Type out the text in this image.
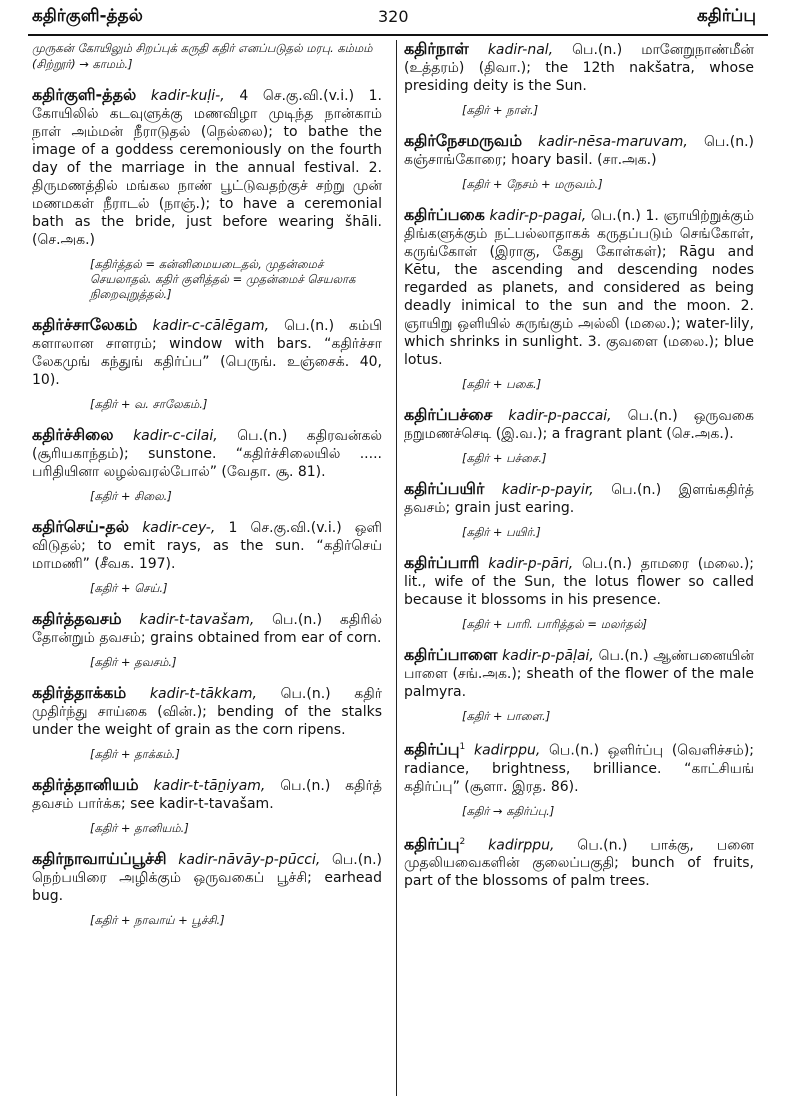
கதிர்குளி-த்தல்	320	கதிர்ப்பு
முருகன் கோயிலும் சிறப்புக் கருதி கதிர் எனப்படுதல் மரபு. கம்மம் (சிற்றூர்) → காமம்.]
கதிர்குளி-த்தல் kadir-kuḷi-, 4 செ.கு.வி.(v.i.) 1. கோயிலில் கடவுளுக்கு மணவிழா முடிந்த நான்காம் நாள் அம்மன் நீராடுதல் (நெல்லை); to bathe the image of a goddess ceremoniously on the fourth day of the marriage in the annual festival. 2. திருமணத்தில் மங்கல நாண் பூட்டுவதற்குச் சற்று முன் மணமகள் நீராடல் (நாஞ்.); to have a ceremonial bath as the bride, just before wearing šhāli. (செ.அக.)
[கதிர்த்தல் = கன்னிமையடைதல், முதன்மைச் செயலாதல். கதிர் குளித்தல் = முதன்மைச் செயலாக நிறைவுறுத்தல்.]
கதிர்ச்சாலேகம் kadir-c-cālēgam, பெ.(n.) கம்பி களாலான சாளரம்; window with bars. “கதிர்ச்சா லேகமுங் கந்துங் கதிர்ப்ப” (பெருங். உஞ்சைக். 40, 10).
[கதிர் + வ. சாலேகம்.]
கதிர்ச்சிலை kadir-c-cilai, பெ.(n.) கதிரவன்கல் (சூரியகாந்தம்); sunstone. “கதிர்ச்சிலையில் ..... பரிதியினா லழல்வரல்போல்” (வேதா. சூ. 81).
[கதிர் + சிலை.]
கதிர்செய்-தல் kadir-cey-, 1 செ.கு.வி.(v.i.) ஒளி விடுதல்; to emit rays, as the sun. “கதிர்செய் மாமணி” (சீவக. 197).
[கதிர் + செய்.]
கதிர்த்தவசம் kadir-t-tavašam, பெ.(n.) கதிரில் தோன்றும் தவசம்; grains obtained from ear of corn.
[கதிர் + தவசம்.]
கதிர்த்தாக்கம் kadir-t-tākkam, பெ.(n.) கதிர் முதிர்ந்து சாய்கை (வின்.); bending of the stalks under the weight of grain as the corn ripens.
[கதிர் + தாக்கம்.]
கதிர்த்தானியம் kadir-t-tāṉiyam, பெ.(n.) கதிர்த் தவசம் பார்க்க; see kadir-t-tavašam.
[கதிர் + தானியம்.]
கதிர்நாவாய்ப்பூச்சி kadir-nāvāy-p-pūcci, பெ.(n.) நெற்பயிரை அழிக்கும் ஒருவகைப் பூச்சி; earhead bug.
[கதிர் + நாவாய் + பூச்சி.]
கதிர்நாள் kadir-nal, பெ.(n.) மானேறுநாண்மீன் (உத்தரம்) (திவா.); the 12th nakšatra, whose presiding deity is the Sun.
[கதிர் + நாள்.]
கதிர்நேசமருவம் kadir-nēsa-maruvam, பெ.(n.) கஞ்சாங்கோரை; hoary basil. (சா.அக.)
[கதிர் + நேசம் + மருவம்.]
கதிர்ப்பகை kadir-p-pagai, பெ.(n.) 1. ஞாயிற்றுக்கும் திங்களுக்கும் நட்பல்லாதாகக் கருதப்படும் செங்கோள், கருங்கோள் (இராகு, கேது கோள்கள்); Rāgu and Kētu, the ascending and descending nodes regarded as planets, and considered as being deadly inimical to the sun and the moon. 2. ஞாயிறு ஒளியில் சுருங்கும் அல்லி (மலை.); water-lily, which shrinks in sunlight. 3. குவளை (மலை.); blue lotus.
[கதிர் + பகை.]
கதிர்ப்பச்சை kadir-p-paccai, பெ.(n.) ஒருவகை நறுமணச்செடி (இ.வ.); a fragrant plant (செ.அக.).
[கதிர் + பச்சை.]
கதிர்ப்பயிர் kadir-p-payir, பெ.(n.) இளங்கதிர்த் தவசம்; grain just earing.
[கதிர் + பயிர்.]
கதிர்ப்பாரி kadir-p-pāri, பெ.(n.) தாமரை (மலை.); lit., wife of the Sun, the lotus flower so called because it blossoms in his presence.
[கதிர் + பாரி. பாரித்தல் = மலர்தல்]
கதிர்ப்பாளை kadir-p-pāḷai, பெ.(n.) ஆண்பனையின் பாளை (சங்.அக.); sheath of the flower of the male palmyra.
[கதிர் + பாளை.]
கதிர்ப்பு$^1$ kadirppu, பெ.(n.) ஒளிர்ப்பு (வெளிச்சம்); radiance, brightness, brilliance. “காட்சியங் கதிர்ப்பு” (சூளா. இரத. 86).
[கதிர் → கதிர்ப்பு.]
கதிர்ப்பு$^2$ kadirppu, பெ.(n.) பாக்கு, பனை முதலியவைகளின் குலைப்பகுதி; bunch of fruits, part of the blossoms of palm trees.
